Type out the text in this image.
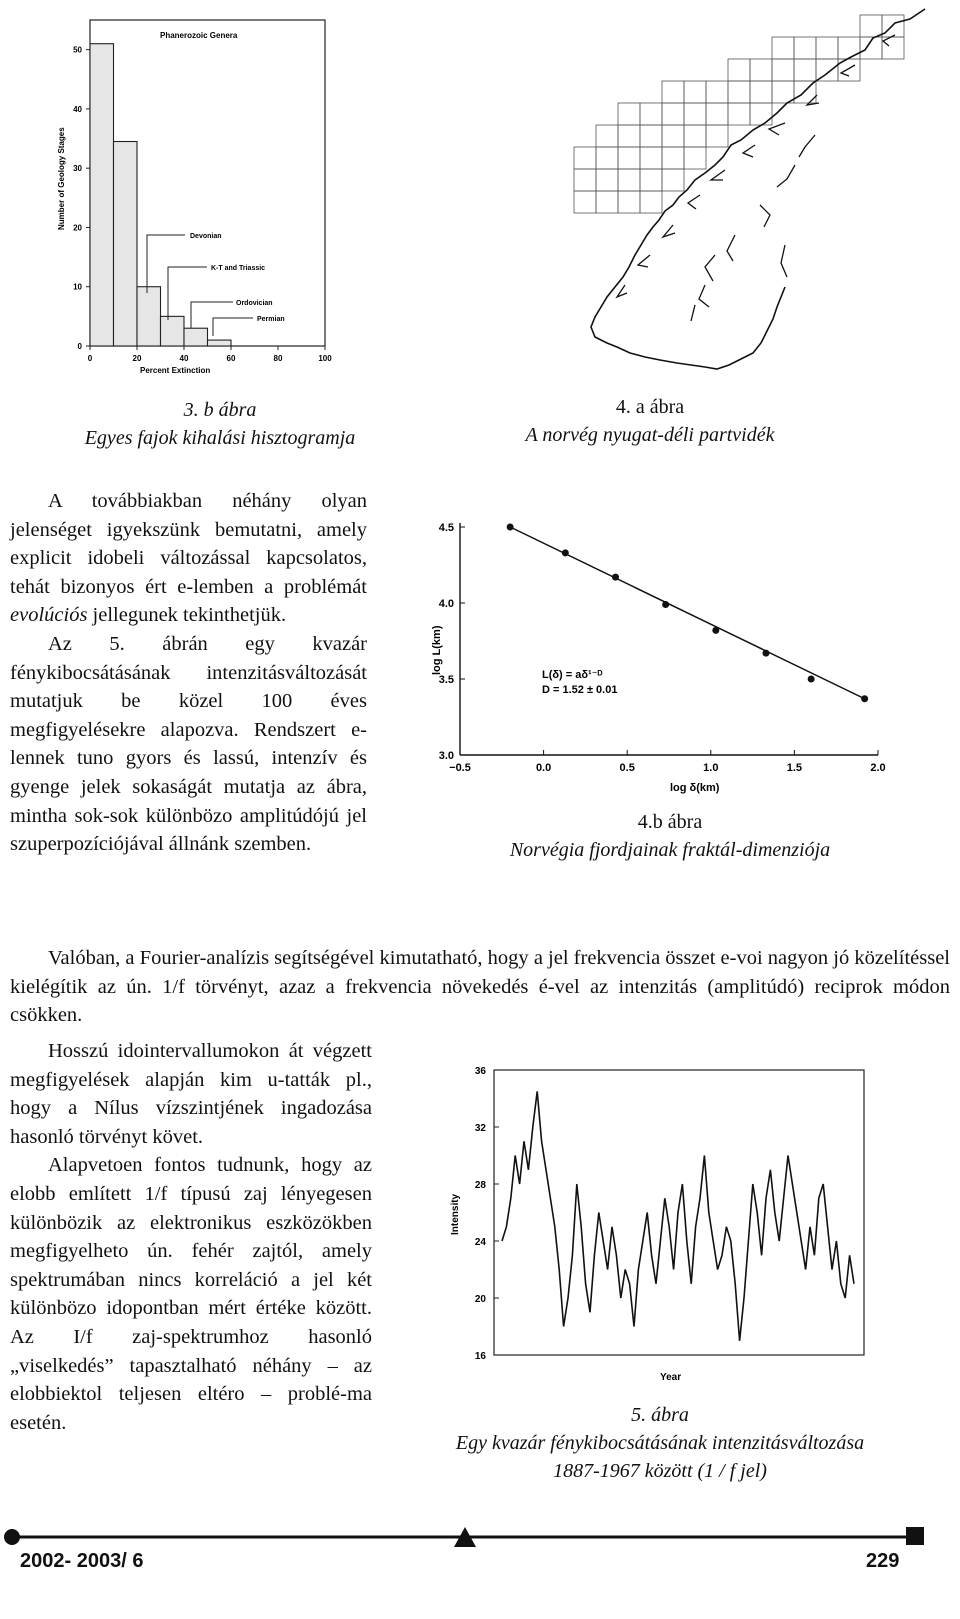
Phanerozoic Genera
0
10
20
30
40
50
0	20	40	60	80	100
Number of Geology Stages
Percent Extinction
Devonian
K-T and Triassic
Ordovician
Permian
3. b ábra
Egyes fajok kihalási hisztogramja
4. a ábra
A norvég nyugat-déli partvidék

A továbbiakban néhány olyan jelenséget igyekszünk bemutatni, amely explicit idobeli változással kapcsolatos, tehát bizonyos ért e-lemben a problémát evolúciós jellegunek tekinthetjük.

Az 5. ábrán egy kvazár fénykibocsátásának intenzitásváltozását mutatjuk be közel 100 éves megfigyelésekre alapozva. Rendszert e-lennek tuno gyors és lassú, intenzív és gyenge jelek sokaságát mutatja az ábra, mintha sok-sok különbözo amplitúdójú jel szuperpozíciójával állnánk szemben.

3.0
3.5
4.0
4.5
−0.5	0.0	0.5	1.0	1.5	2.0
log L(km)
log δ(km)
L(δ) = aδ¹⁻ᴰ
D = 1.52 ± 0.01
4.b ábra
Norvégia fjordjainak fraktál-dimenziója

Valóban, a Fourier-analízis segítségével kimutatható, hogy a jel frekvencia összet e-voi nagyon jó közelítéssel kielégítik az ún. 1/f törvényt, azaz a frekvencia növekedés é-vel az intenzitás (amplitúdó) reciprok módon csökken.

Hosszú idointervallumokon át végzett megfigyelések alapján kim u-tatták pl., hogy a Nílus vízszintjének ingadozása hasonló törvényt követ.

Alapvetoen fontos tudnunk, hogy az elobb említett 1/f típusú zaj lényegesen különbözik az elektronikus eszközökben megfigyelheto ún. fehér zajtól, amely spektrumában nincs korreláció a jel két különbözo idopontban mért értéke között. Az I/f zaj-spektrumhoz hasonló „viselkedés” tapasztalható néhány – az elobbiektol teljesen eltéro – problé-ma esetén.

16
20
24
28
32
36
Intensity
Year
5. ábra
Egy kvazár fénykibocsátásának intenzitásváltozása
1887-1967 között (1 / f jel)
2002- 2003/ 6	229
